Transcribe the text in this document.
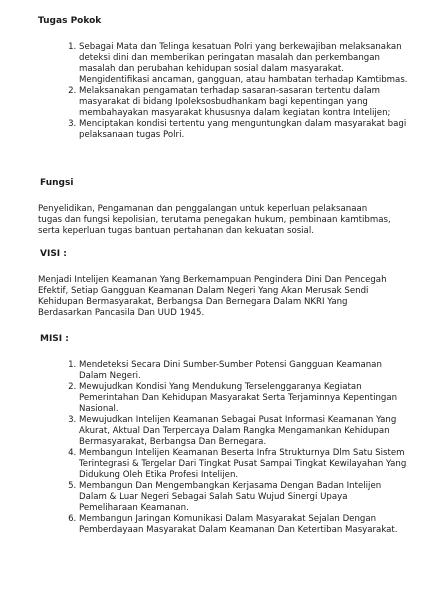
Tugas Pokok
1. Sebagai Mata dan Telinga kesatuan Polri yang berkewajiban melaksanakan deteksi dini dan memberikan peringatan masalah dan perkembangan masalah dan perubahan kehidupan sosial dalam masyarakat. Mengidentifikasi ancaman, gangguan, atau hambatan terhadap Kamtibmas.
2. Melaksanakan pengamatan terhadap sasaran-sasaran tertentu dalam masyarakat di bidang Ipoleksosbudhankam bagi kepentingan yang membahayakan masyarakat khususnya dalam kegiatan kontra Intelijen;
3. Menciptakan kondisi tertentu yang menguntungkan dalam masyarakat bagi pelaksanaan tugas Polri.
Fungsi

Penyelidikan, Pengamanan dan penggalangan untuk keperluan pelaksanaan tugas dan fungsi kepolisian, terutama penegakan hukum, pembinaan kamtibmas, serta keperluan tugas bantuan pertahanan dan kekuatan sosial.

VISI :

Menjadi Intelijen Keamanan Yang Berkemampuan Pengindera Dini Dan Pencegah Efektif, Setiap Gangguan Keamanan Dalam Negeri Yang Akan Merusak Sendi Kehidupan Bermasyarakat, Berbangsa Dan Bernegara Dalam NKRI Yang Berdasarkan Pancasila Dan UUD 1945.

MISI :
1. Mendeteksi Secara Dini Sumber-Sumber Potensi Gangguan Keamanan Dalam Negeri.
2. Mewujudkan Kondisi Yang Mendukung Terselenggaranya Kegiatan Pemerintahan Dan Kehidupan Masyarakat Serta Terjaminnya Kepentingan Nasional.
3. Mewujudkan Intelijen Keamanan Sebagai Pusat Informasi Keamanan Yang Akurat, Aktual Dan Terpercaya Dalam Rangka Mengamankan Kehidupan Bermasyarakat, Berbangsa Dan Bernegara.
4. Membangun Intelijen Keamanan Beserta Infra Strukturnya Dlm Satu Sistem Terintegrasi & Tergelar Dari Tingkat Pusat Sampai Tingkat Kewilayahan Yang Didukung Oleh Etika Profesi Intelijen.
5. Membangun Dan Mengembangkan Kerjasama Dengan Badan Intelijen Dalam & Luar Negeri Sebagai Salah Satu Wujud Sinergi Upaya Pemeliharaan Keamanan.
6. Membangun Jaringan Komunikasi Dalam Masyarakat Sejalan Dengan Pemberdayaan Masyarakat Dalam Keamanan Dan Ketertiban Masyarakat.
